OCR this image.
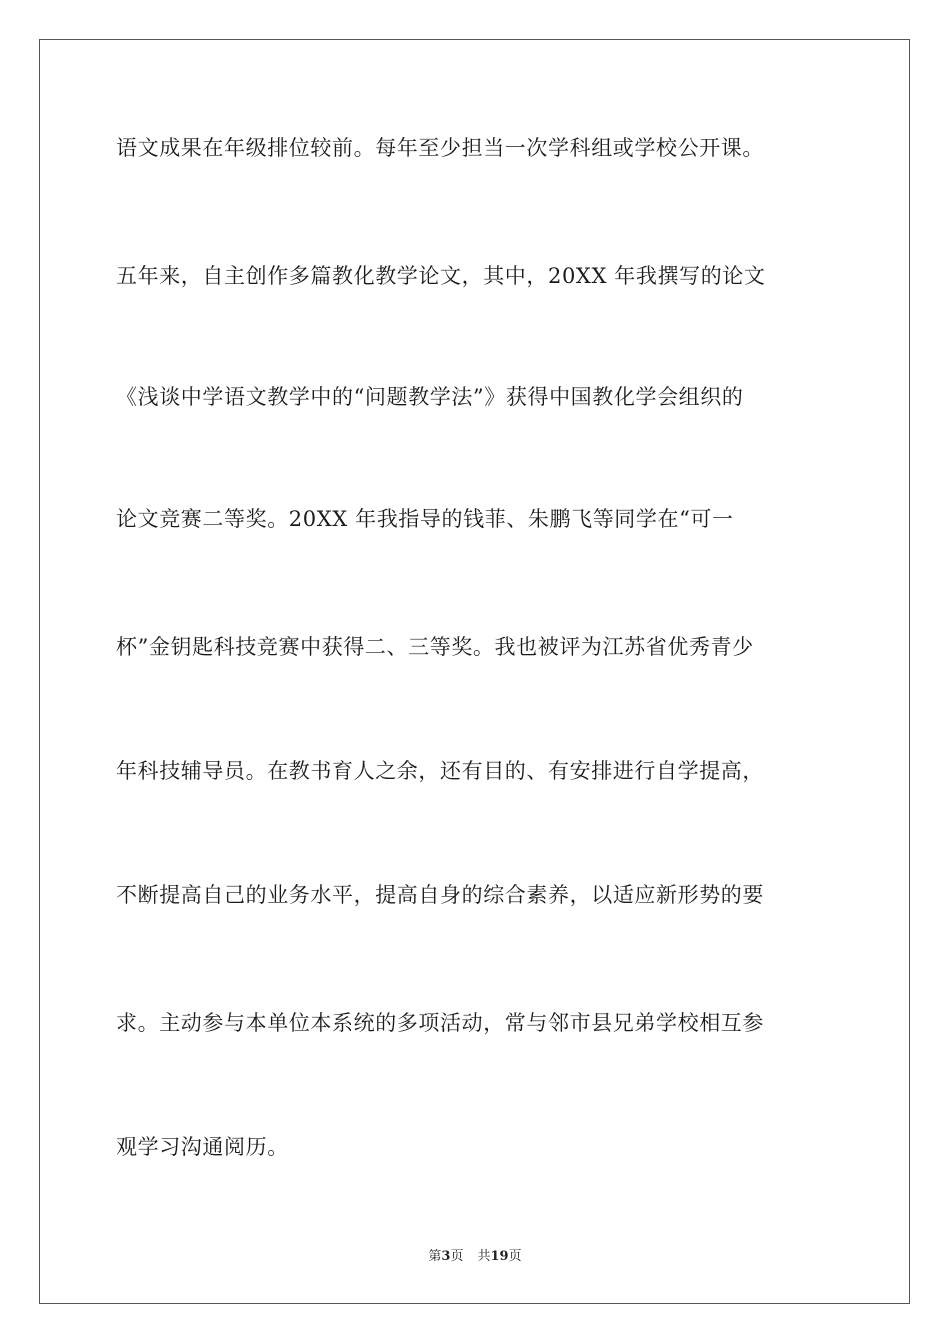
语文成果在年级排位较前。每年至少担当一次学科组或学校公开课。
五年来，自主创作多篇教化教学论文，其中，20XX 年我撰写的论文
《浅谈中学语文教学中的“问题教学法”》获得中国教化学会组织的
论文竞赛二等奖。20XX 年我指导的钱菲、朱鹏飞等同学在“可一
杯”金钥匙科技竞赛中获得二、三等奖。我也被评为江苏省优秀青少
年科技辅导员。在教书育人之余，还有目的、有安排进行自学提高，
不断提高自己的业务水平，提高自身的综合素养，以适应新形势的要
求。主动参与本单位本系统的多项活动，常与邻市县兄弟学校相互参
观学习沟通阅历。
第3页 共19页
